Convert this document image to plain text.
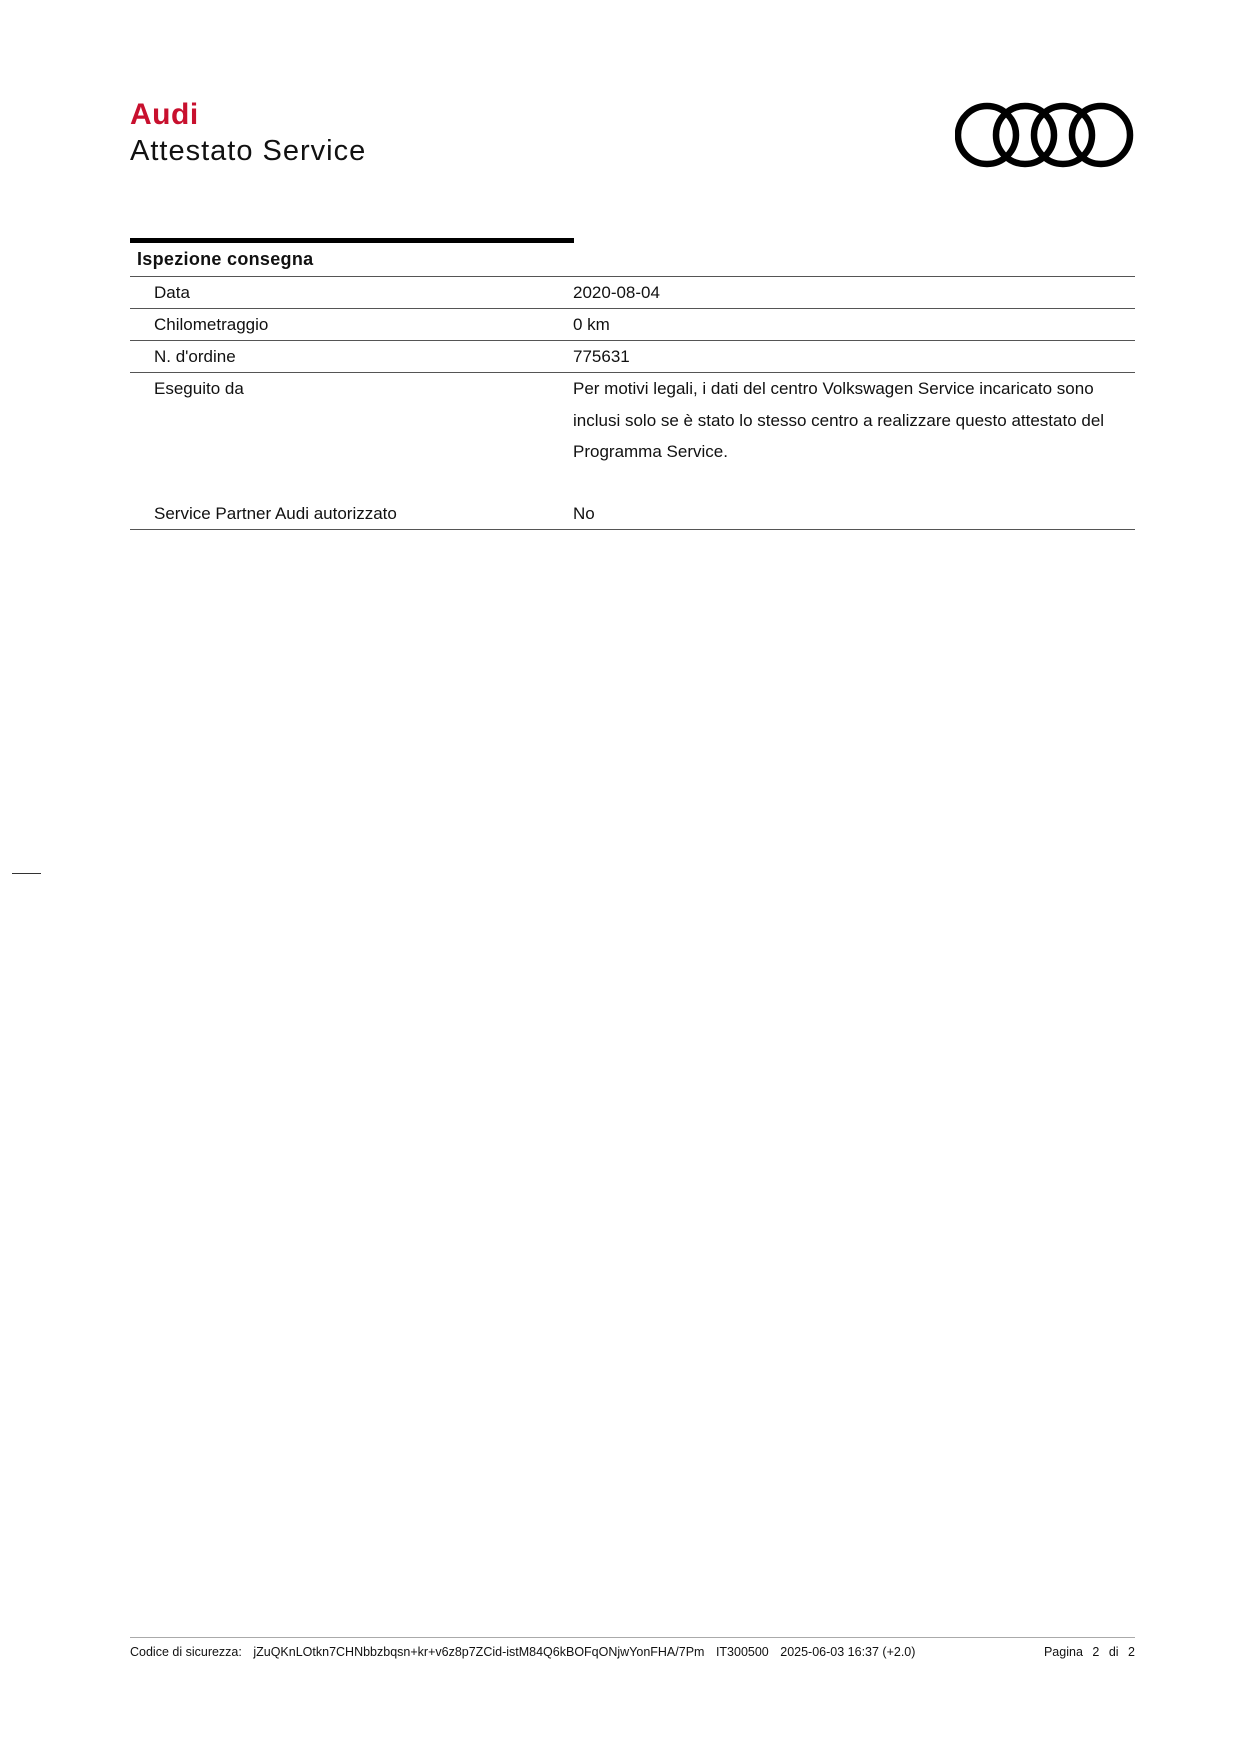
Audi
Attestato Service
Ispezione consegna
Data	2020-08-04
Chilometraggio	0 km
N. d'ordine	775631
Eseguito da	Per motivi legali, i dati del centro Volkswagen Service incaricato sono inclusi solo se è stato lo stesso centro a realizzare questo attestato del Programma Service.
Service Partner Audi autorizzato	No
Codice di sicurezza: jZuQKnLOtkn7CHNbbzbqsn+kr+v6z8p7ZCid-istM84Q6kBOFqONjwYonFHA/7Pm IT300500 2025-06-03 16:37 (+2.0)	Pagina 2 di 2
